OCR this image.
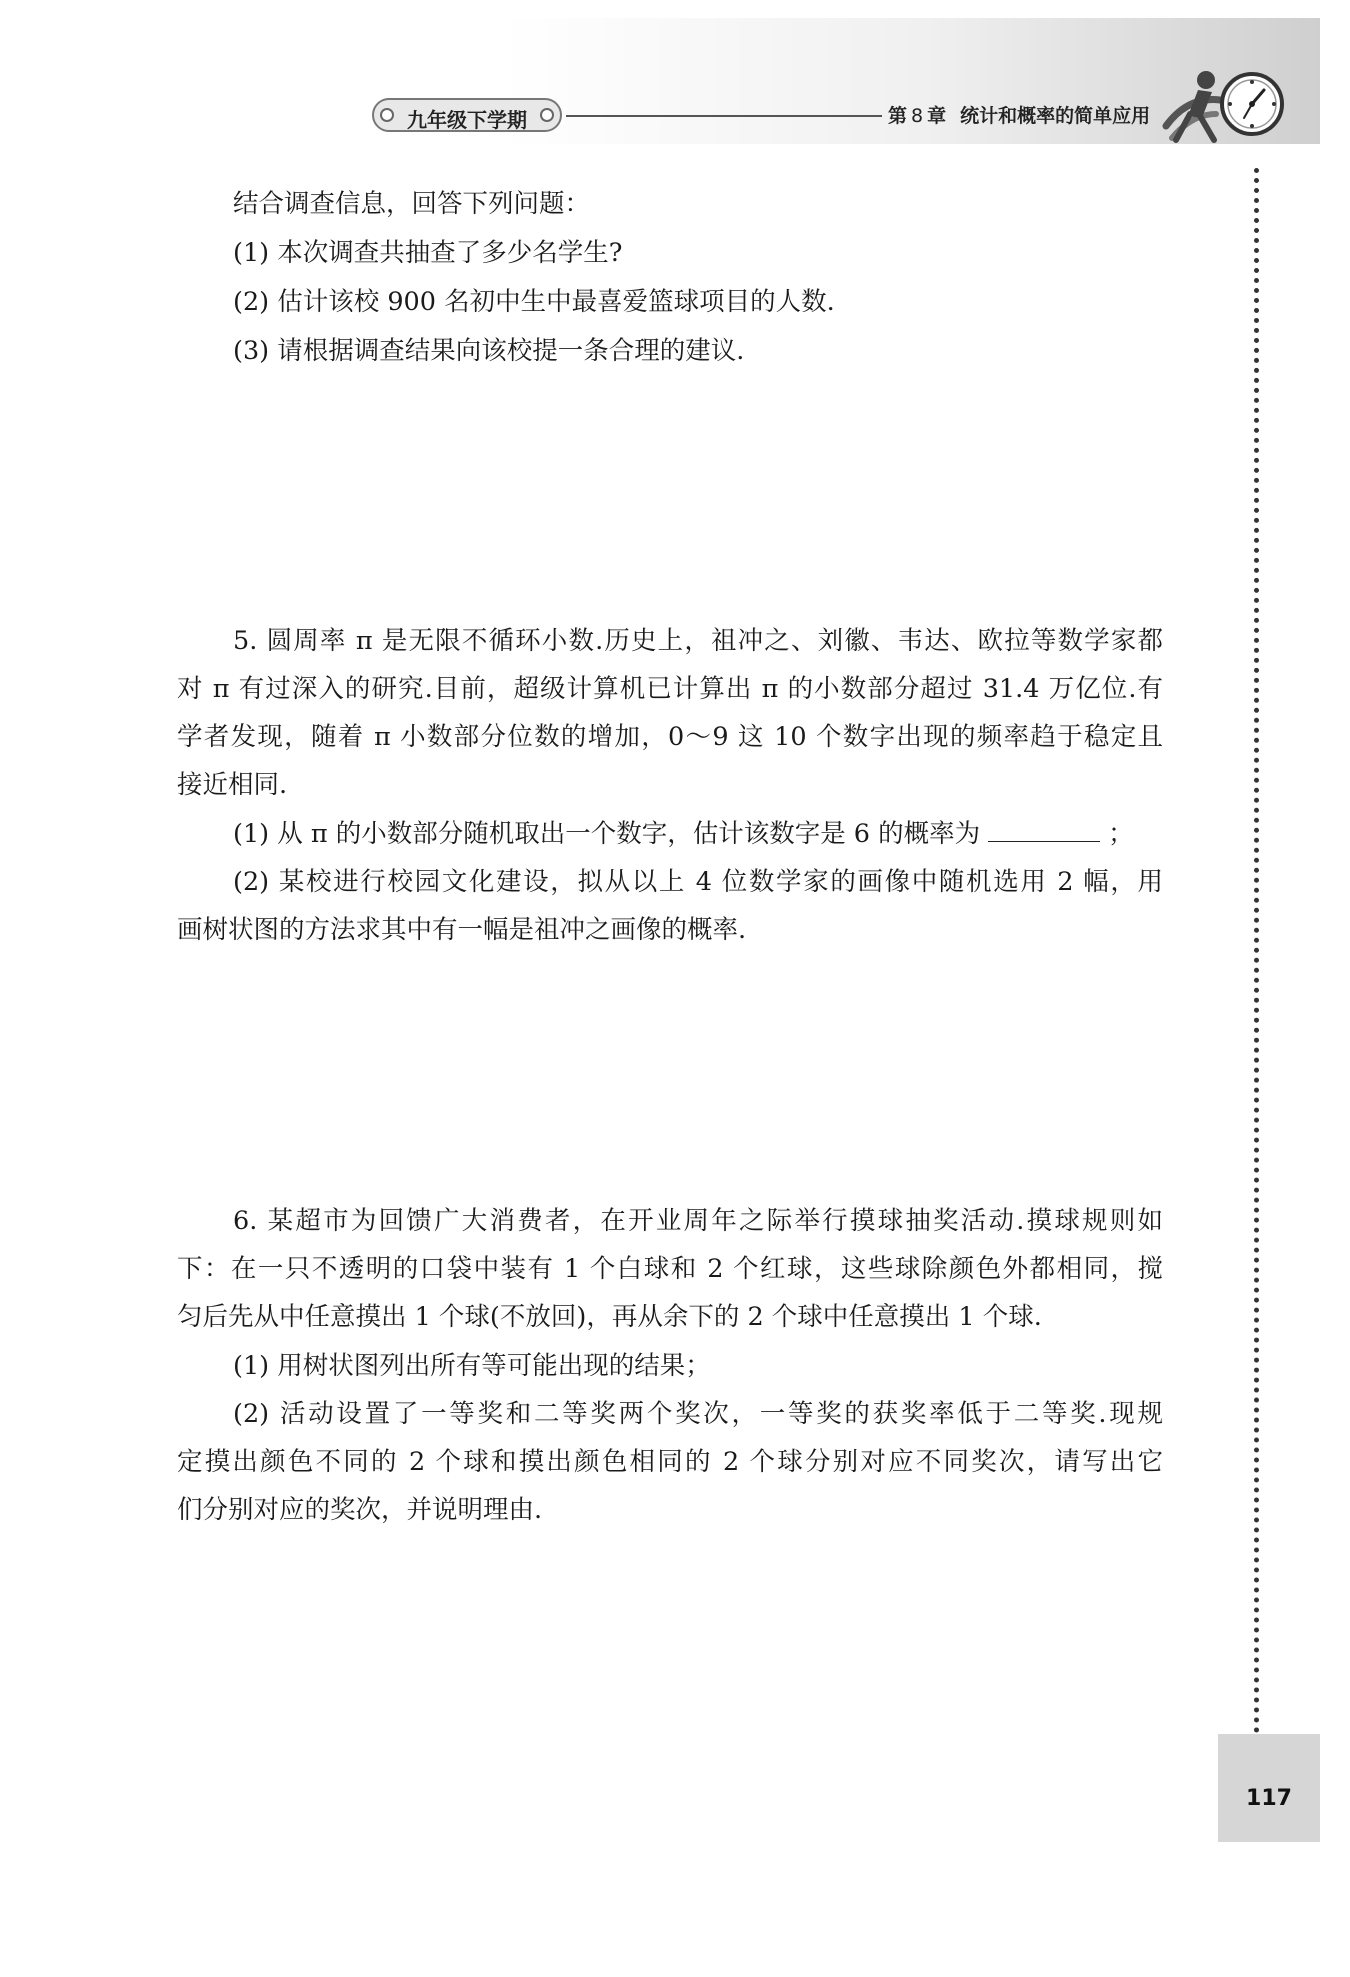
九年级下学期	第 8 章 统计和概率的简单应用
117
结合调查信息，回答下列问题：
(1) 本次调查共抽查了多少名学生?
(2) 估计该校 900 名初中生中最喜爱篮球项目的人数.
(3) 请根据调查结果向该校提一条合理的建议.
5. 圆周率 π 是无限不循环小数.历史上，祖冲之、刘徽、韦达、欧拉等数学家都
对 π 有过深入的研究.目前，超级计算机已计算出 π 的小数部分超过 31.4 万亿位.有
学者发现，随着 π 小数部分位数的增加，0～9 这 10 个数字出现的频率趋于稳定且
接近相同.
(1) 从 π 的小数部分随机取出一个数字，估计该数字是 6 的概率为	；
(2) 某校进行校园文化建设，拟从以上 4 位数学家的画像中随机选用 2 幅，用
画树状图的方法求其中有一幅是祖冲之画像的概率.
6. 某超市为回馈广大消费者，在开业周年之际举行摸球抽奖活动.摸球规则如
下：在一只不透明的口袋中装有 1 个白球和 2 个红球，这些球除颜色外都相同，搅
匀后先从中任意摸出 1 个球(不放回)，再从余下的 2 个球中任意摸出 1 个球.
(1) 用树状图列出所有等可能出现的结果；
(2) 活动设置了一等奖和二等奖两个奖次，一等奖的获奖率低于二等奖.现规
定摸出颜色不同的 2 个球和摸出颜色相同的 2 个球分别对应不同奖次，请写出它
们分别对应的奖次，并说明理由.
